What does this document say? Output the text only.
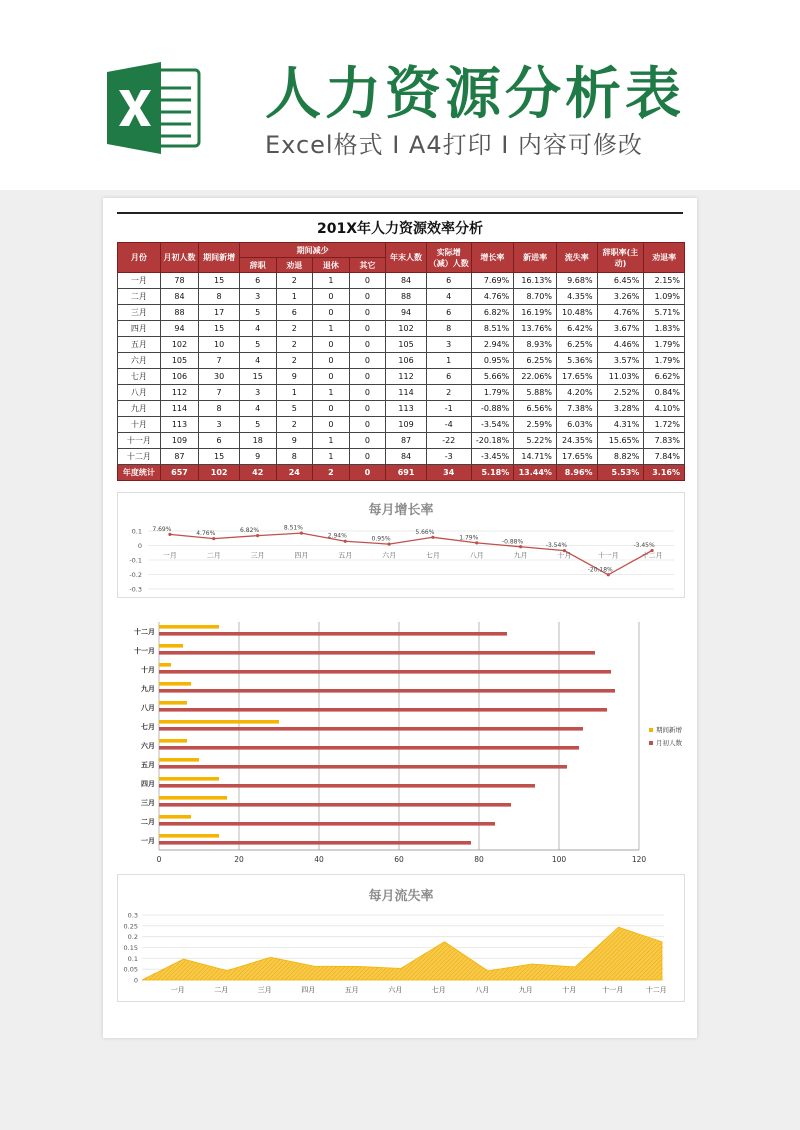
人力资源分析表
Excel格式 I A4打印 I 内容可修改
201X年人力资源效率分析
月份	月初人数	期间新增	期间减少				年末人数	实际增（减）人数	增长率	新进率	流失率	辞职率(主动)	劝退率
			辞职	劝退	退休	其它							
一月	78	15	6	2	1	0	84	6	7.69%	16.13%	9.68%	6.45%	2.15%
二月	84	8	3	1	0	0	88	4	4.76%	8.70%	4.35%	3.26%	1.09%
三月	88	17	5	6	0	0	94	6	6.82%	16.19%	10.48%	4.76%	5.71%
四月	94	15	4	2	1	0	102	8	8.51%	13.76%	6.42%	3.67%	1.83%
五月	102	10	5	2	0	0	105	3	2.94%	8.93%	6.25%	4.46%	1.79%
六月	105	7	4	2	0	0	106	1	0.95%	6.25%	5.36%	3.57%	1.79%
七月	106	30	15	9	0	0	112	6	5.66%	22.06%	17.65%	11.03%	6.62%
八月	112	7	3	1	1	0	114	2	1.79%	5.88%	4.20%	2.52%	0.84%
九月	114	8	4	5	0	0	113	-1	-0.88%	6.56%	7.38%	3.28%	4.10%
十月	113	3	5	2	0	0	109	-4	-3.54%	2.59%	6.03%	4.31%	1.72%
十一月	109	6	18	9	1	0	87	-22	-20.18%	5.22%	24.35%	15.65%	7.83%
十二月	87	15	9	8	1	0	84	-3	-3.45%	14.71%	17.65%	8.82%	7.84%
年度统计	657	102	42	24	2	0	691	34	5.18%	13.44%	8.96%	5.53%	3.16%
每月增长率
0.1
0
-0.1
-0.2
-0.3
7.69%
一月
4.76%
二月
6.82%
三月
8.51%
四月
2.94%
五月
0.95%
六月
5.66%
七月
1.79%
八月
-0.88%
九月
-3.54%
十月
-20.18%
十一月
-3.45%
十二月
0	20	40	60	80	100	120
一月
二月
三月
四月
五月
六月
七月
八月
九月
十月
十一月
十二月
期间新增
月初人数
每月流失率
0.3
0.25
0.2
0.15
0.1
0.05
0
一月	二月	三月	四月	五月	六月	七月	八月	九月	十月	十一月	十二月
